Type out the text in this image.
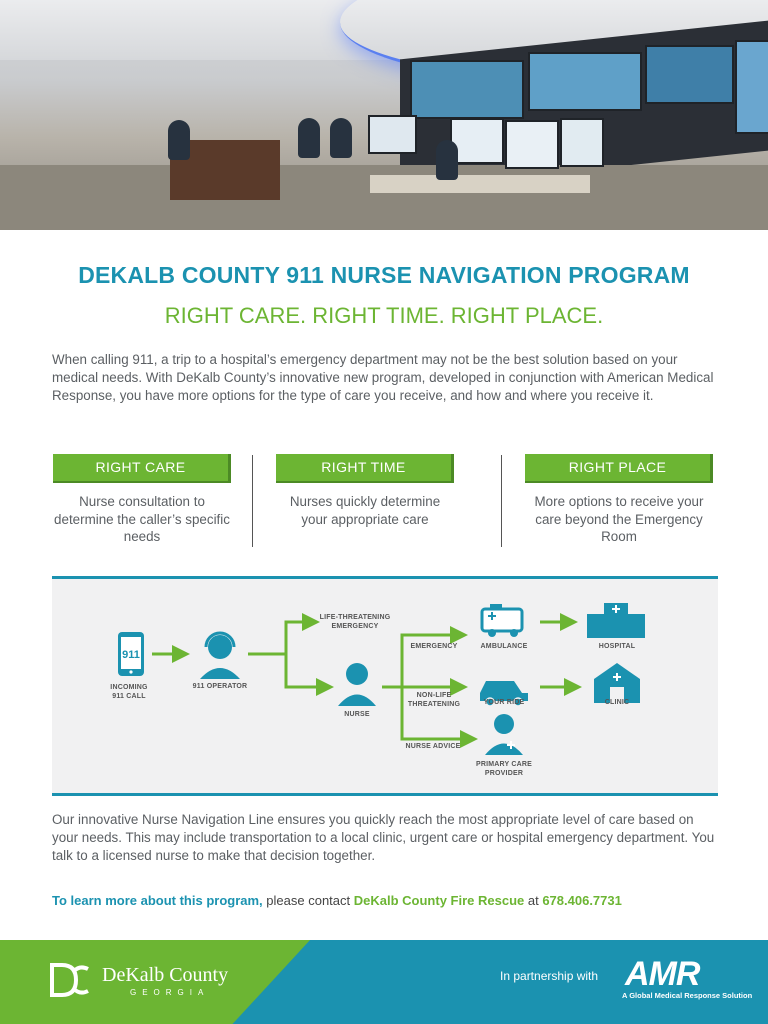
DEKALB COUNTY 911 NURSE NAVIGATION PROGRAM
RIGHT CARE. RIGHT TIME. RIGHT PLACE.
When calling 911, a trip to a hospital’s emergency department may not be the best solution based on your medical needs. With DeKalb County’s innovative new program, developed in conjunction with American Medical Response, you have more options for the type of care you receive, and how and where you receive it.
RIGHT CARE
Nurse consultation to determine the caller’s specific needs
RIGHT TIME
Nurses quickly determine your appropriate care
RIGHT PLACE
More options to receive your care beyond the Emergency Room
911
INCOMING 911 CALL
911 OPERATOR
LIFE-THREATENING EMERGENCY
NURSE
EMERGENCY
NON-LIFE THREATENING
NURSE ADVICE
AMBULANCE
YOUR RIDE
PRIMARY CARE PROVIDER
HOSPITAL
CLINIC
Our innovative Nurse Navigation Line ensures you quickly reach the most appropriate level of care based on your needs. This may include transportation to a local clinic, urgent care or hospital emergency department. You talk to a licensed nurse to make that decision together.
To learn more about this program, please contact DeKalb County Fire Rescue at 678.406.7731
DeKalb County
GEORGIA
In partnership with AMR
A Global Medical Response Solution
